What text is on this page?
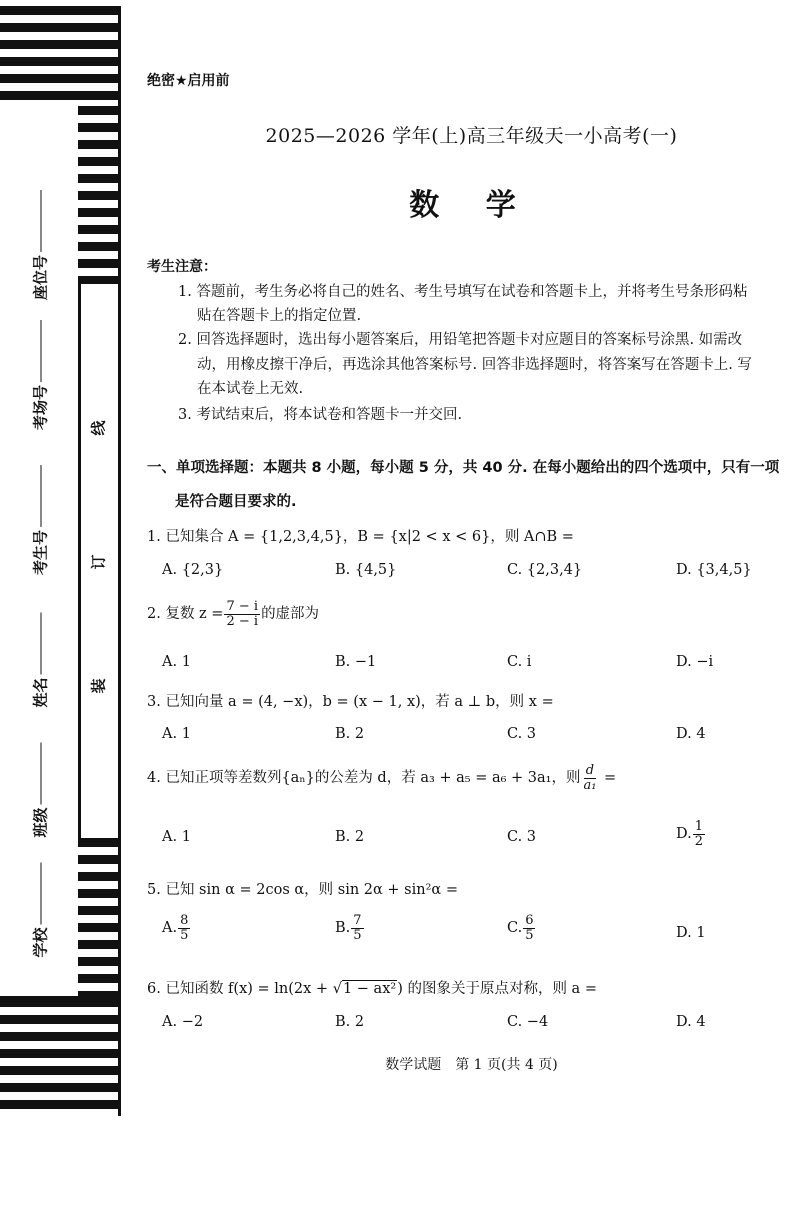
座位号
考场号
考生号
姓名
班级
学校
线
订
装
绝密★启用前
2025—2026 学年(上)高三年级天一小高考(一)
数 学
考生注意：
1. 答题前，考生务必将自己的姓名、考生号填写在试卷和答题卡上，并将考生号条形码粘
贴在答题卡上的指定位置.
2. 回答选择题时，选出每小题答案后，用铅笔把答题卡对应题目的答案标号涂黑. 如需改
动，用橡皮擦干净后，再选涂其他答案标号. 回答非选择题时，将答案写在答题卡上. 写
在本试卷上无效.
3. 考试结束后，将本试卷和答题卡一并交回.
一、单项选择题：本题共 8 小题，每小题 5 分，共 40 分. 在每小题给出的四个选项中，只有一项
是符合题目要求的.
1. 已知集合 A = {1,2,3,4,5}，B = {x|2 < x < 6}，则 A∩B =
A. {2,3}	B. {4,5}	C. {2,3,4}	D. {3,4,5}
2. 复数 $z = \frac{7 - i}{2 - i}$ 的虚部为
A. 1	B. −1	C. i	D. −i
3. 已知向量 a = (4, −x)，b = (x − 1, x)，若 a ⊥ b，则 x =
A. 1	B. 2	C. 3	D. 4
4. 已知正项等差数列{aₙ}的公差为 d，若 a₃ + a₅ = a₆ + 3a₁，则 $\frac{d}{\text{a₁}}$ =
A. 1	B. 2	C. 3	D. $\frac{1}{2}$
5. 已知 sin α = 2cos α，则 sin 2α + sin²α =
A. $\frac{8}{5}$	B. $\frac{7}{5}$	C. $\frac{6}{5}$	D. 1
6. 已知函数 f(x) = ln(2x + √1 − ax²) 的图象关于原点对称，则 a =
A. −2	B. 2	C. −4	D. 4
数学试题　第 1 页(共 4 页)
